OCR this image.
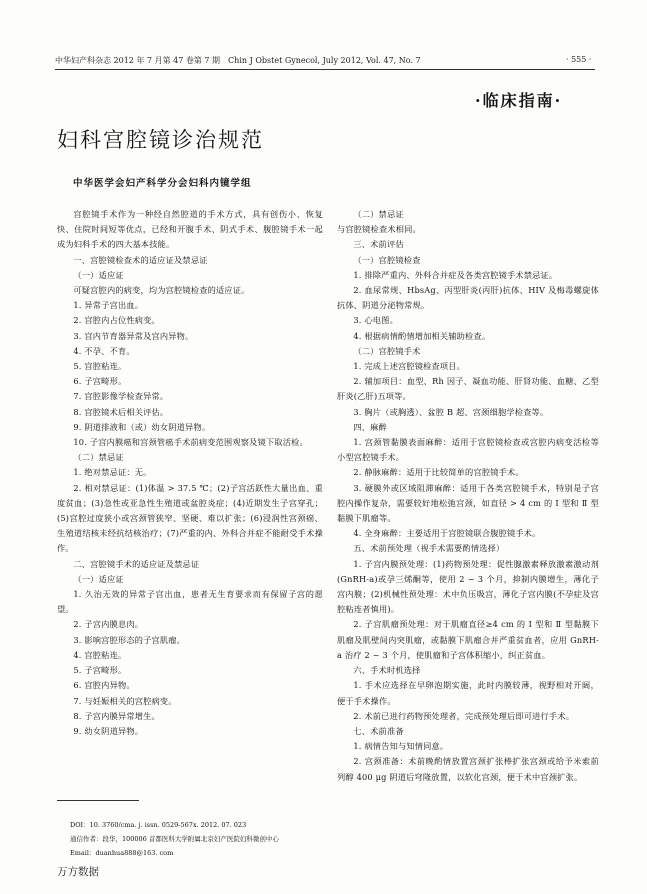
中华妇产科杂志 2012 年 7 月第 47 卷第 7 期　Chin J Obstet Gynecol, July 2012, Vol. 47, No. 7	· 555 ·
·临床指南·
妇科宫腔镜诊治规范
中华医学会妇产科学分会妇科内镜学组

宫腔镜手术作为一种经自然腔道的手术方式，具有创伤小、恢复快、住院时间短等优点，已经和开腹手术、阴式手术、腹腔镜手术一起成为妇科手术的四大基本技能。

一、宫腔镜检查术的适应证及禁忌证

（一）适应证

可疑宫腔内的病变，均为宫腔镜检查的适应证。

1. 异常子宫出血。

2. 宫腔内占位性病变。

3. 宫内节育器异常及宫内异物。

4. 不孕、不育。

5. 宫腔粘连。

6. 子宫畸形。

7. 宫腔影像学检查异常。

8. 宫腔镜术后相关评估。

9. 阴道排液和（或）幼女阴道异物。

10. 子宫内膜癌和宫颈管癌手术前病变范围观察及镜下取活检。

（二）禁忌证

1. 绝对禁忌证：无。

2. 相对禁忌证：(1)体温 > 37.5 ℃；(2)子宫活跃性大量出血、重度贫血；(3)急性或亚急性生殖道或盆腔炎症；(4)近期发生子宫穿孔；(5)宫腔过度狭小或宫颈管狭窄、坚硬、难以扩张；(6)浸润性宫颈癌、生殖道结核未经抗结核治疗；(7)严重的内、外科合并症不能耐受手术操作。

二、宫腔镜手术的适应证及禁忌证

（一）适应证

1. 久治无效的异常子宫出血，患者无生育要求而有保留子宫的愿望。

2. 子宫内膜息肉。

3. 影响宫腔形态的子宫肌瘤。

4. 宫腔粘连。

5. 子宫畸形。

6. 宫腔内异物。

7. 与妊娠相关的宫腔病变。

8. 子宫内膜异常增生。

9. 幼女阴道异物。

（二）禁忌证

与宫腔镜检查术相同。

三、术前评估

（一）宫腔镜检查

1. 排除严重内、外科合并症及各类宫腔镜手术禁忌证。

2. 血尿常规、HbsAg、丙型肝炎(丙肝)抗体、HIV 及梅毒螺旋体抗体、阴道分泌物常规。

3. 心电图。

4. 根据病情酌情增加相关辅助检查。

（二）宫腔镜手术

1. 完成上述宫腔镜检查项目。

2. 辅加项目：血型、Rh 因子、凝血功能、肝肾功能、血糖、乙型肝炎(乙肝)五项等。

3. 胸片（或胸透）、盆腔 B 超、宫颈细胞学检查等。

四、麻醉

1. 宫颈管黏膜表面麻醉：适用于宫腔镜检查或宫腔内病变活检等小型宫腔镜手术。

2. 静脉麻醉：适用于比较简单的宫腔镜手术。

3. 硬膜外或区域阻滞麻醉：适用于各类宫腔镜手术，特别是子宫腔内操作复杂，需要较好地松弛宫颈，如直径 > 4 cm 的 Ⅰ 型和 Ⅱ 型黏膜下肌瘤等。

4. 全身麻醉：主要适用于宫腔镜联合腹腔镜手术。

五、术前预处理（视手术需要酌情选择）

1. 子宫内膜预处理：(1)药物预处理：促性腺激素释放激素激动剂(GnRH-a)或孕三烯酮等，使用 2 ~ 3 个月，抑制内膜增生，薄化子宫内膜；(2)机械性预处理：术中负压吸宫，薄化子宫内膜(不孕症及宫腔粘连者慎用)。

2. 子宫肌瘤预处理：对于肌瘤直径≥4 cm 的 Ⅰ 型和 Ⅱ 型黏膜下肌瘤及肌壁间内突肌瘤，或黏膜下肌瘤合并严重贫血者，应用 GnRH-a 治疗 2 ~ 3 个月，使肌瘤和子宫体积缩小，纠正贫血。

六、手术时机选择

1. 手术应选择在早卵泡期实施，此时内膜较薄，视野相对开阔，便于手术操作。

2. 术前已进行药物预处理者，完成预处理后即可进行手术。

七、术前准备

1. 病情告知与知情同意。

2. 宫颈准备：术前晚酌情放置宫颈扩张棒扩张宫颈或给予米索前列醇 400 μg 阴道后穹隆放置，以软化宫颈，便于术中宫颈扩张。

DOI：10. 3760/cma. j. issn. 0529-567x. 2012. 07. 023

通信作者：段华，100006 首都医科大学附属北京妇产医院妇科微创中心

Email：duanhua888@163. com

万方数据
